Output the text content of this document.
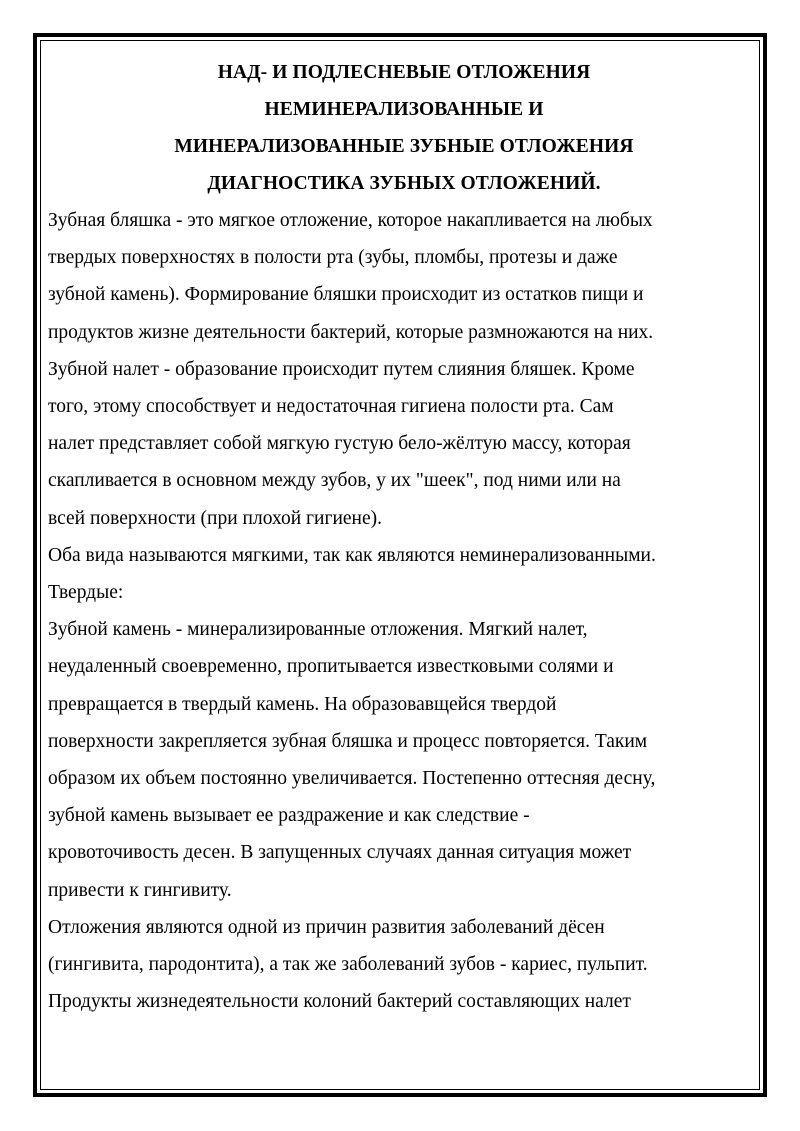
НАД- И ПОДЛЕСНЕВЫЕ ОТЛОЖЕНИЯ
НЕМИНЕРАЛИЗОВАННЫЕ И
МИНЕРАЛИЗОВАННЫЕ ЗУБНЫЕ ОТЛОЖЕНИЯ
ДИАГНОСТИКА ЗУБНЫХ ОТЛОЖЕНИЙ.
Зубная бляшка - это мягкое отложение, которое накапливается на любых
твердых поверхностях в полости рта (зубы, пломбы, протезы и даже
зубной камень). Формирование бляшки происходит из остатков пищи и
продуктов жизне деятельности бактерий, которые размножаются на них.
Зубной налет - образование происходит путем слияния бляшек. Кроме
того, этому способствует и недостаточная гигиена полости рта. Сам
налет представляет собой мягкую густую бело-жёлтую массу, которая
скапливается в основном между зубов, у их "шеек", под ними или на
всей поверхности (при плохой гигиене).
Оба вида называются мягкими, так как являются неминерализованными.
Твердые:
Зубной камень - минерализированные отложения. Мягкий налет,
неудаленный своевременно, пропитывается известковыми солями и
превращается в твердый камень. На образовавщейся твердой
поверхности закрепляется зубная бляшка и процесс повторяется. Таким
образом их объем постоянно увеличивается. Постепенно оттесняя десну,
зубной камень вызывает ее раздражение и как следствие -
кровоточивость десен. В запущенных случаях данная ситуация может
привести к гингивиту.
Отложения являются одной из причин развития заболеваний дёсен
(гингивита, пародонтита), а так же заболеваний зубов - кариес, пульпит.
Продукты жизнедеятельности колоний бактерий составляющих налет
